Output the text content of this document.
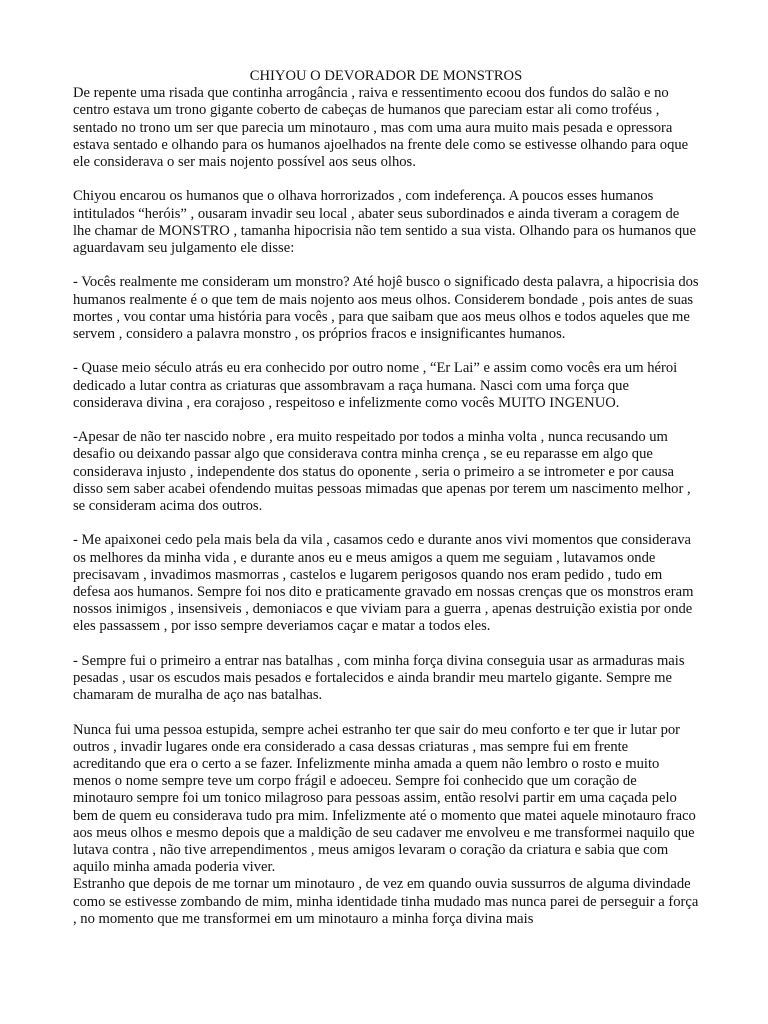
CHIYOU O DEVORADOR DE MONSTROS

De repente uma risada que continha arrogância , raiva e ressentimento ecoou dos fundos do salão e no centro estava um trono gigante coberto de cabeças de humanos que pareciam estar ali como troféus , sentado no trono um ser que parecia um minotauro , mas com uma aura muito mais pesada e opressora estava sentado e olhando para os humanos ajoelhados na frente dele como se estivesse olhando para oque ele considerava o ser mais nojento possível aos seus olhos.

Chiyou encarou os humanos que o olhava horrorizados , com indeferença. A poucos esses humanos intitulados “heróis” , ousaram invadir seu local , abater seus subordinados e ainda tiveram a coragem de lhe chamar de MONSTRO , tamanha hipocrisia não tem sentido a sua vista. Olhando para os humanos que aguardavam seu julgamento ele disse:

- Vocês realmente me consideram um monstro? Até hojê busco o significado desta palavra, a hipocrisia dos humanos realmente é o que tem de mais nojento aos meus olhos. Considerem bondade , pois antes de suas mortes , vou contar uma história para vocês , para que saibam que aos meus olhos e todos aqueles que me servem , considero a palavra monstro , os próprios fracos e insignificantes humanos.

- Quase meio século atrás eu era conhecido por outro nome , “Er Lai” e assim como vocês era um héroi dedicado a lutar contra as criaturas que assombravam a raça humana. Nasci com uma força que considerava divina , era corajoso , respeitoso e infelizmente como vocês MUITO INGENUO.

-Apesar de não ter nascido nobre , era muito respeitado por todos a minha volta , nunca recusando um desafio ou deixando passar algo que considerava contra minha crença , se eu reparasse em algo que considerava injusto , independente dos status do oponente , seria o primeiro a se intrometer e por causa disso sem saber acabei ofendendo muitas pessoas mimadas que apenas por terem um nascimento melhor , se consideram acima dos outros.

- Me apaixonei cedo pela mais bela da vila , casamos cedo e durante anos vivi momentos que considerava os melhores da minha vida , e durante anos eu e meus amigos a quem me seguiam , lutavamos onde precisavam , invadimos masmorras , castelos e lugarem perigosos quando nos eram pedido , tudo em defesa aos humanos. Sempre foi nos dito e praticamente gravado em nossas crenças que os monstros eram nossos inimigos , insensiveis , demoniacos e que viviam para a guerra , apenas destruição existia por onde eles passassem , por isso sempre deveriamos caçar e matar a todos eles.

- Sempre fui o primeiro a entrar nas batalhas , com minha força divina conseguia usar as armaduras mais pesadas , usar os escudos mais pesados e fortalecidos e ainda brandir meu martelo gigante. Sempre me chamaram de muralha de aço nas batalhas.

Nunca fui uma pessoa estupida, sempre achei estranho ter que sair do meu conforto e ter que ir lutar por outros , invadir lugares onde era considerado a casa dessas criaturas , mas sempre fui em frente acreditando que era o certo a se fazer. Infelizmente minha amada a quem não lembro o rosto e muito menos o nome sempre teve um corpo frágil e adoeceu. Sempre foi conhecido que um coração de minotauro sempre foi um tonico milagroso para pessoas assim, então resolvi partir em uma caçada pelo bem de quem eu considerava tudo pra mim. Infelizmente até o momento que matei aquele minotauro fraco aos meus olhos e mesmo depois que a maldição de seu cadaver me envolveu e me transformei naquilo que lutava contra , não tive arrependimentos , meus amigos levaram o coração da criatura e sabia que com aquilo minha amada poderia viver.

Estranho que depois de me tornar um minotauro , de vez em quando ouvia sussurros de alguma divindade como se estivesse zombando de mim, minha identidade tinha mudado mas nunca parei de perseguir a força , no momento que me transformei em um minotauro a minha força divina mais
